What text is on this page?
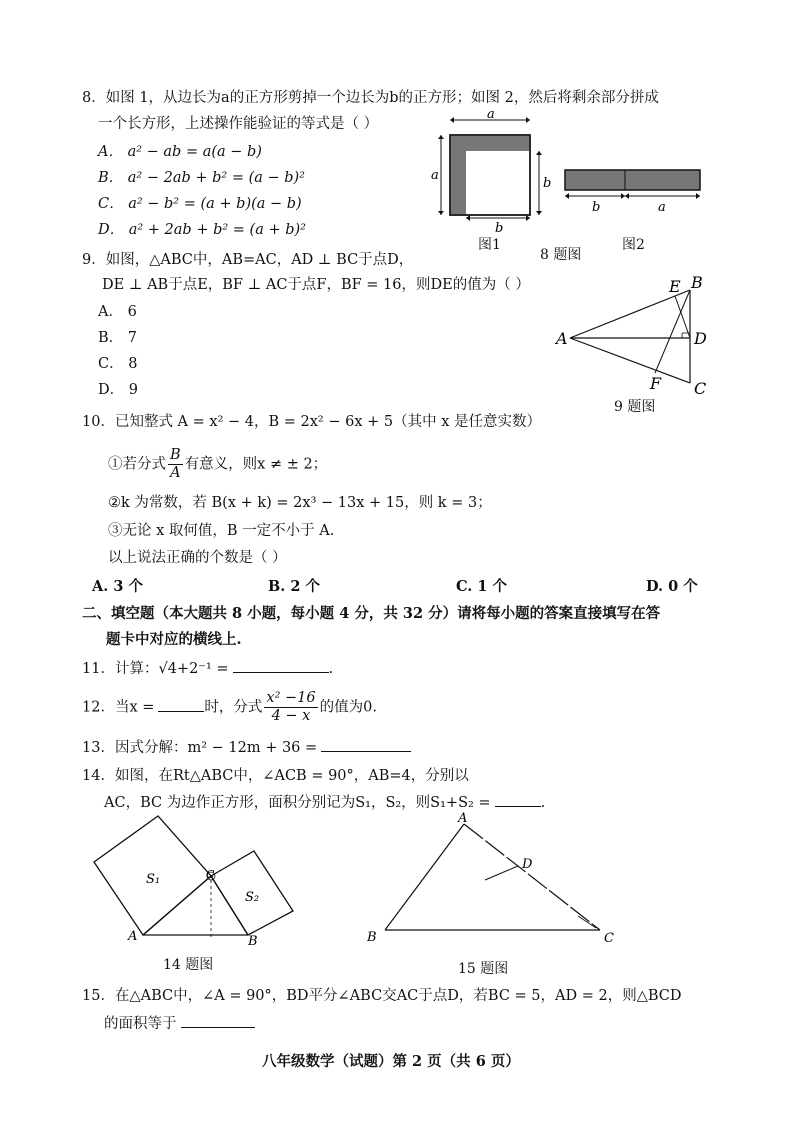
8．如图 1，从边长为a的正方形剪掉一个边长为b的正方形；如图 2，然后将剩余部分拼成
一个长方形，上述操作能验证的等式是（ ）
A． a² − ab = a(a − b)
B． a² − 2ab + b² = (a − b)²
C． a² − b² = (a + b)(a − b)
D． a² + 2ab + b² = (a + b)²
a
a
b
b
b	a
图1
8 题图
图2
9．如图，△ABC中，AB=AC，AD ⊥ BC于点D，
DE ⊥ AB于点E，BF ⊥ AC于点F，BF = 16，则DE的值为（ ）
A． 6
B． 7
C． 8
D． 9
A
B
C
D
E
F
9 题图
10．已知整式 A = x² − 4，B = 2x² − 6x + 5（其中 x 是任意实数）
①若分式 $\frac{B}{A}$ 有意义，则x ≠ ± 2；
②k 为常数，若 B(x + k) = 2x³ − 13x + 15，则 k = 3；
③无论 x 取何值，B 一定不小于 A.
以上说法正确的个数是（ ）
A. 3 个	B. 2 个	C. 1 个	D. 0 个
二、填空题（本大题共 8 小题，每小题 4 分，共 32 分）请将每小题的答案直接填写在答
题卡中对应的横线上.
11．计算：√4+2⁻¹ =	.
12．当x =	时，分式 $\frac{\text{x² −16}}{4 - x}$ 的值为0.
13．因式分解：m² − 12m + 36 =
14．如图，在Rt△ABC中，∠ACB = 90°，AB=4，分别以
AC，BC 为边作正方形，面积分别记为S₁，S₂，则S₁+S₂ =	.
S₁
S₂
A	B
C
14 题图
A
B	C
D
15 题图
15．在△ABC中，∠A = 90°，BD平分∠ABC交AC于点D，若BC = 5，AD = 2，则△BCD
的面积等于
八年级数学（试题）第 2 页（共 6 页）
